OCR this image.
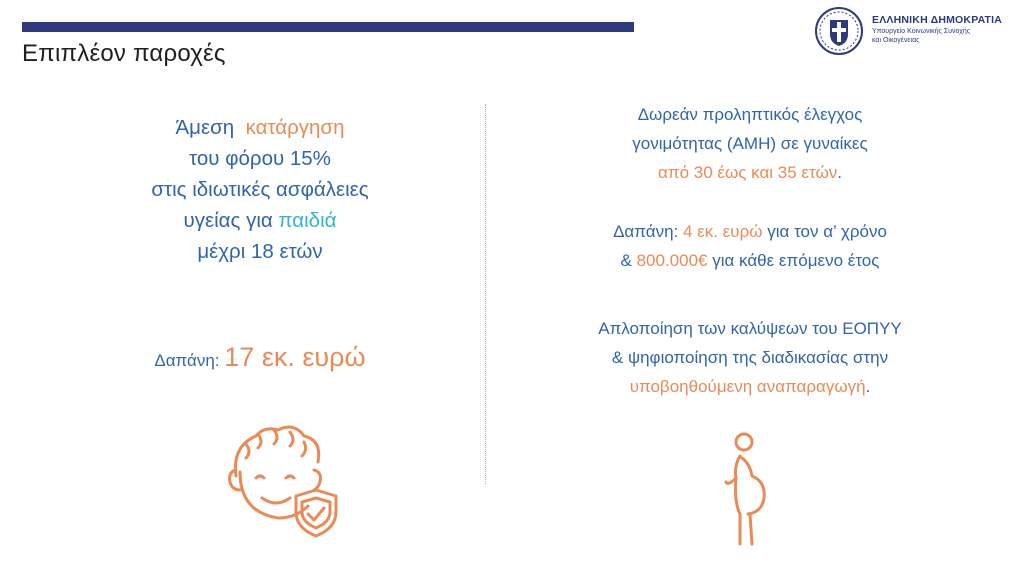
Επιπλέον παροχές
ΕΛΛΗΝΙΚΗ ΔΗΜΟΚΡΑΤΙΑ
Υπουργείο Κοινωνικής Συνοχής
και Οικογένειας
Άμεση κατάργηση
του φόρου 15%
στις ιδιωτικές ασφάλειες
υγείας για παιδιά
μέχρι 18 ετών
Δαπάνη: 17 εκ. ευρώ
Δωρεάν προληπτικός έλεγχος
γονιμότητας (ΑΜΗ) σε γυναίκες
από 30 έως και 35 ετών.
Δαπάνη: 4 εκ. ευρώ για τον α’ χρόνο
& 800.000€ για κάθε επόμενο έτος
Απλοποίηση των καλύψεων του ΕΟΠΥΥ
& ψηφιοποίηση της διαδικασίας στην
υποβοηθούμενη αναπαραγωγή.
